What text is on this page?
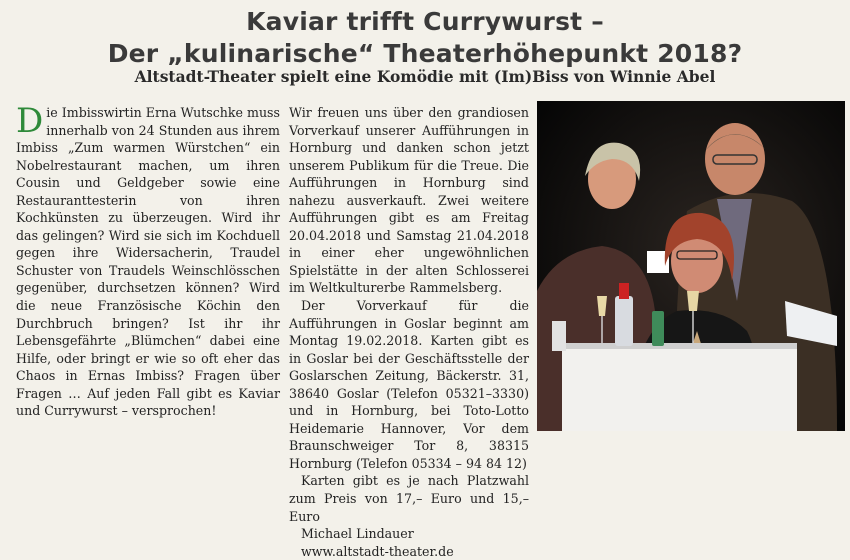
Kaviar trifft Currywurst –
Der „kulinarische“ Theaterhöhepunkt 2018?
Altstadt-Theater spielt eine Komödie mit (Im)Biss von Winnie Abel

Die Imbisswirtin Erna Wutschke muss innerhalb von 24 Stunden aus ihrem Imbiss „Zum warmen Würstchen“ ein Nobelrestaurant machen, um ihren Cousin und Geldgeber sowie eine Restauranttesterin von ihren Kochkünsten zu überzeugen. Wird ihr das gelingen? Wird sie sich im Kochduell gegen ihre Widersacherin, Traudel Schuster von Traudels Weinschlösschen gegenüber, durchsetzen können? Wird die neue Französische Köchin den Durchbruch bringen? Ist ihr ihr Lebensgefährte „Blümchen“ dabei eine Hilfe, oder bringt er wie so oft eher das Chaos in Ernas Imbiss? Fragen über Fragen … Auf jeden Fall gibt es Kaviar und Currywurst – versprochen!

Wir freuen uns über den grandiosen Vorverkauf unserer Aufführungen in Hornburg und danken schon jetzt unserem Publikum für die Treue. Die Aufführungen in Hornburg sind nahezu ausverkauft. Zwei weitere Aufführungen gibt es am Freitag 20.04.2018 und Samstag 21.04.2018 in einer eher ungewöhnlichen Spielstätte in der alten Schlosserei im Weltkulturerbe Rammelsberg.

Der Vorverkauf für die Aufführungen in Goslar beginnt am Montag 19.02.2018. Karten gibt es in Goslar bei der Geschäftsstelle der Goslarschen Zeitung, Bäckerstr. 31, 38640 Goslar (Telefon 05321–3330) und in Hornburg, bei Toto-Lotto Heidemarie Hannover, Vor dem Braunschweiger Tor 8, 38315 Hornburg (Telefon 05334 – 94 84 12)

Karten gibt es je nach Platzwahl zum Preis von 17,– Euro und 15,– Euro

Michael Lindauer

www.altstadt-theater.de
